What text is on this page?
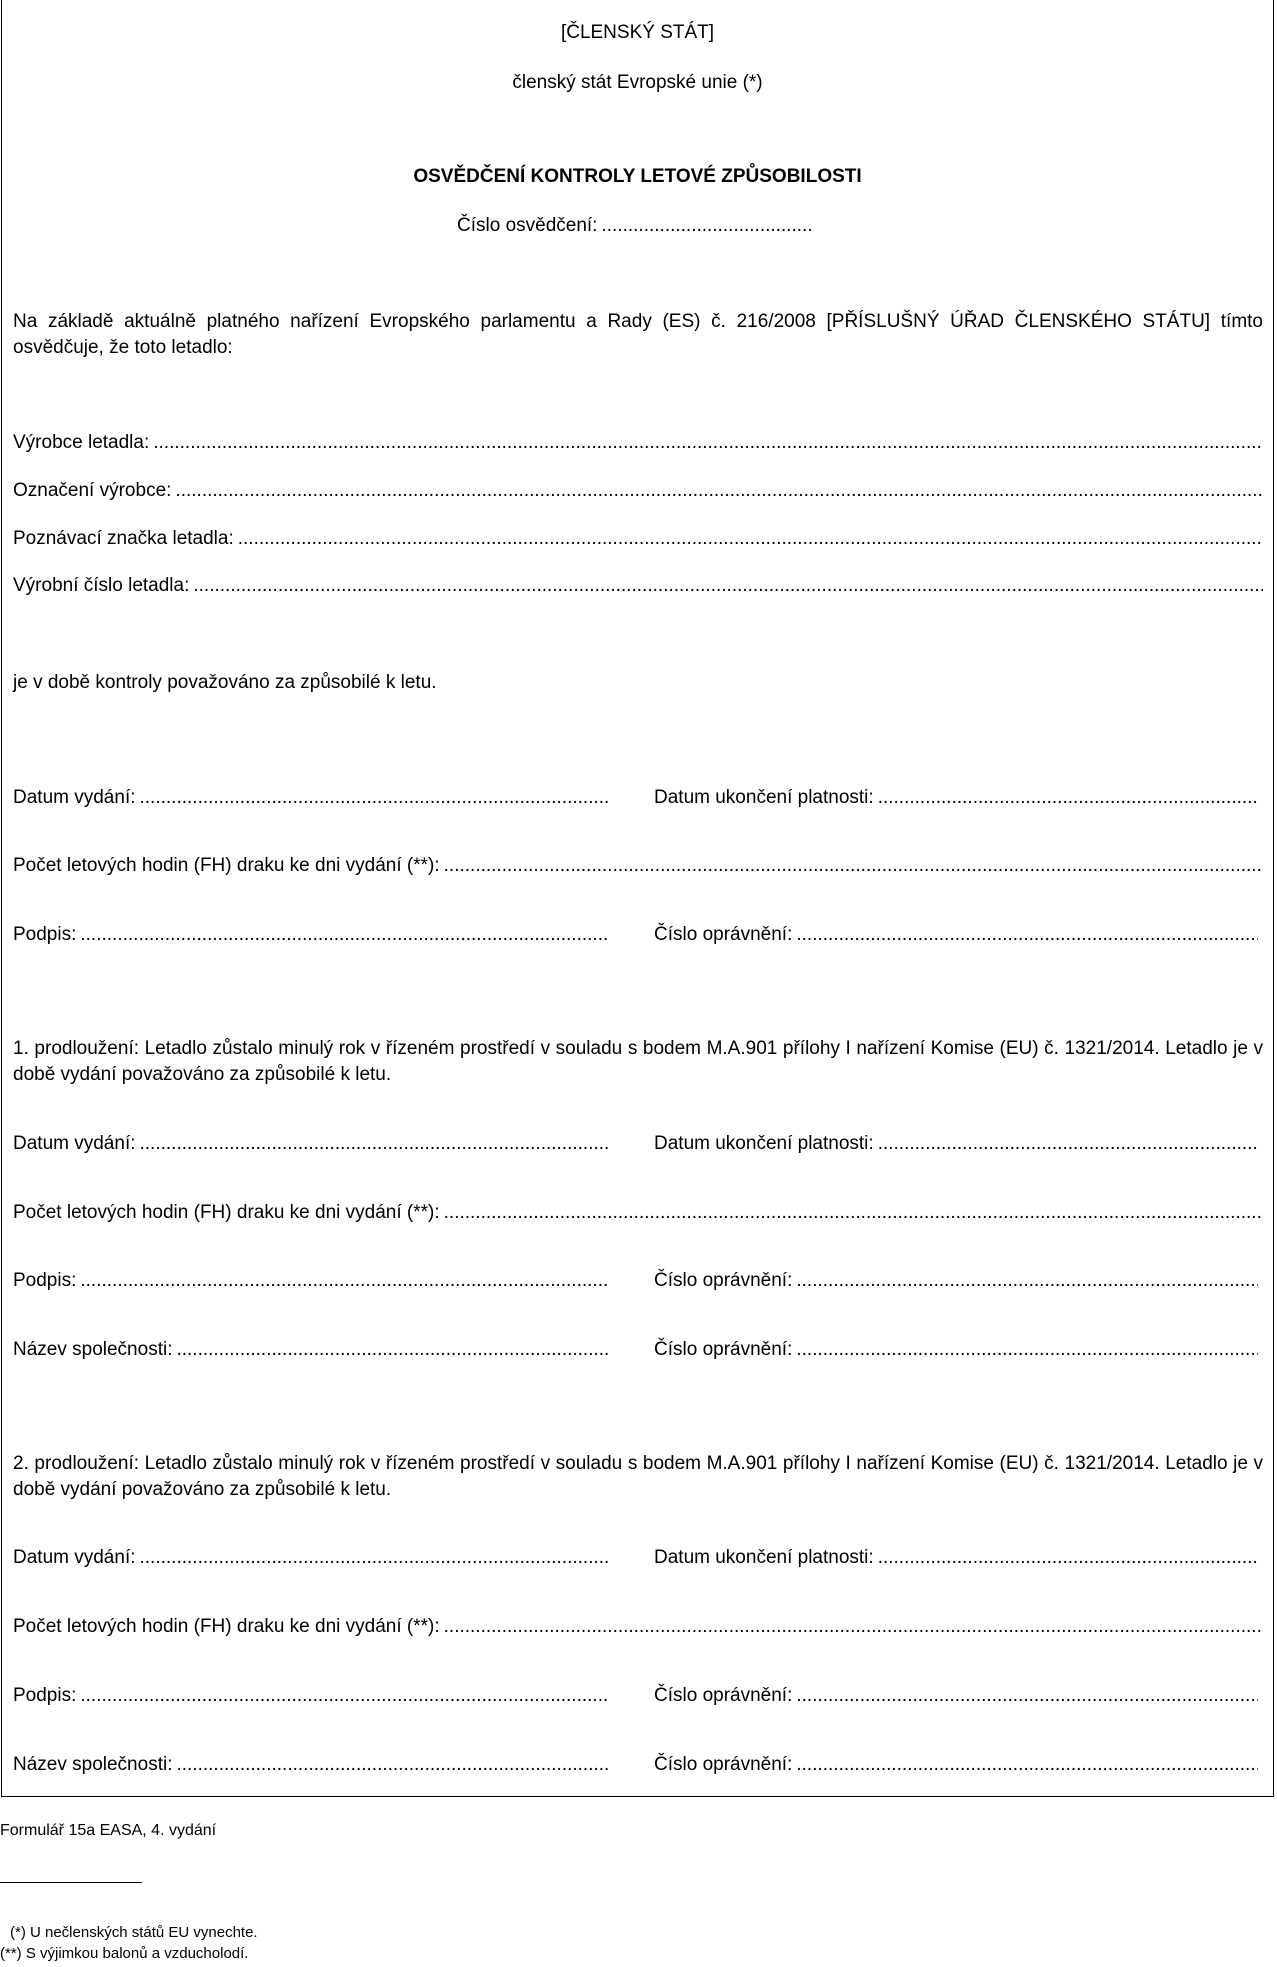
[ČLENSKÝ STÁT]
členský stát Evropské unie (*)
OSVĚDČENÍ KONTROLY LETOVÉ ZPŮSOBILOSTI
Číslo osvědčení:
.....
Na základě aktuálně platného nařízení Evropského parlamentu a Rady (ES) č. 216/2008 [PŘÍSLUŠNÝ ÚŘAD ČLENSKÉHO STÁTU] tímto osvědčuje, že toto letadlo:
Výrobce letadla:
.....
Označení výrobce:
.....
Poznávací značka letadla:
.....
Výrobní číslo letadla:
.....
je v době kontroly považováno za způsobilé k letu.
Datum vydání: .....	Datum ukončení platnosti:
.....
Počet letových hodin (FH) draku ke dni vydání (**):
.....
Podpis: .....	Číslo oprávnění:
.....
1. prodloužení: Letadlo zůstalo minulý rok v řízeném prostředí v souladu s bodem M.A.901 přílohy I nařízení Komise (EU) č. 1321/2014. Letadlo je v době vydání považováno za způsobilé k letu.
Datum vydání: .....	Datum ukončení platnosti:
.....
Počet letových hodin (FH) draku ke dni vydání (**):
.....
Podpis: .....	Číslo oprávnění:
.....
Název společnosti: .....	Číslo oprávnění:
.....
2. prodloužení: Letadlo zůstalo minulý rok v řízeném prostředí v souladu s bodem M.A.901 přílohy I nařízení Komise (EU) č. 1321/2014. Letadlo je v době vydání považováno za způsobilé k letu.
Datum vydání: .....	Datum ukončení platnosti:
.....
Počet letových hodin (FH) draku ke dni vydání (**):
.....
Podpis: .....	Číslo oprávnění:
.....
Název společnosti: .....	Číslo oprávnění:
.....
Formulář 15a EASA, 4. vydání
(*) U nečlenských států EU vynechte.
(**) S výjimkou balonů a vzducholodí.
